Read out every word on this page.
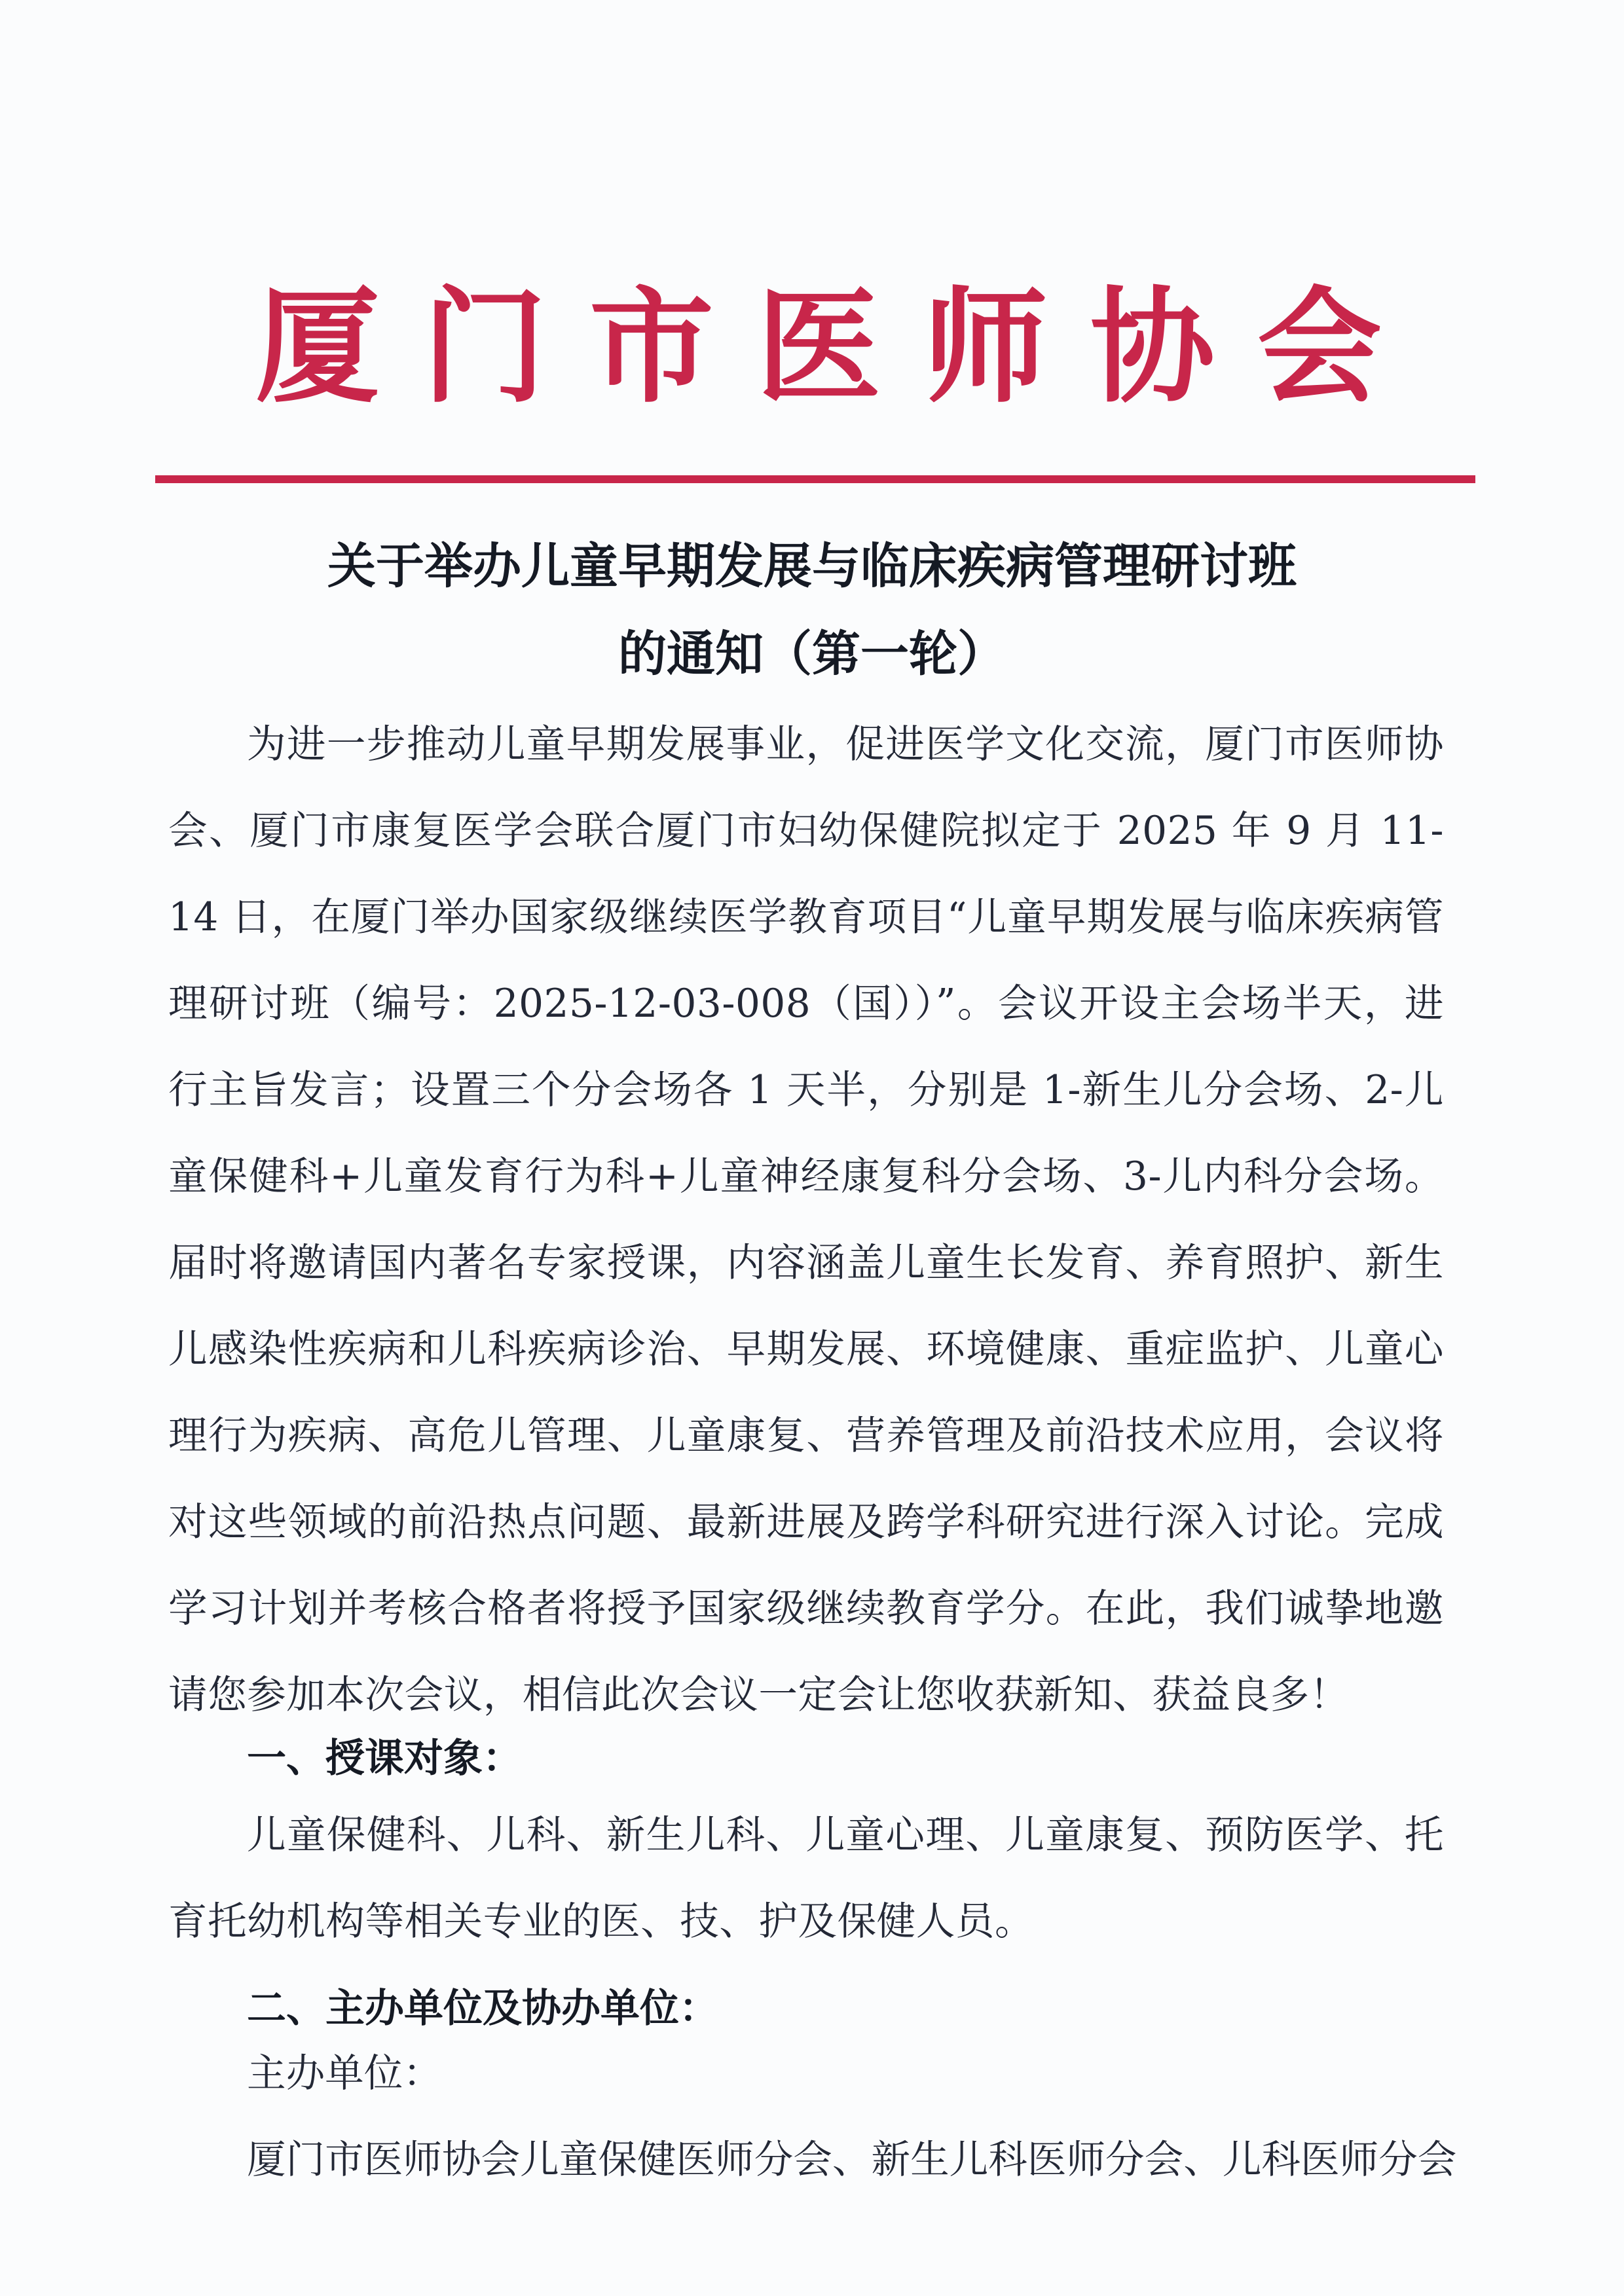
厦 门 市 医 师 协 会
关于举办儿童早期发展与临床疾病管理研讨班
的通知（第一轮）

为进一步推动儿童早期发展事业，促进医学文化交流，厦门市医师协会、厦门市康复医学会联合厦门市妇幼保健院拟定于 2025 年 9 月 11-14 日，在厦门举办国家级继续医学教育项目“儿童早期发展与临床疾病管理研讨班（编号：2025-12-03-008（国））”。会议开设主会场半天，进行主旨发言；设置三个分会场各 1 天半，分别是 1-新生儿分会场、2-儿童保健科+儿童发育行为科+儿童神经康复科分会场、3-儿内科分会场。届时将邀请国内著名专家授课，内容涵盖儿童生长发育、养育照护、新生儿感染性疾病和儿科疾病诊治、早期发展、环境健康、重症监护、儿童心理行为疾病、高危儿管理、儿童康复、营养管理及前沿技术应用，会议将对这些领域的前沿热点问题、最新进展及跨学科研究进行深入讨论。完成学习计划并考核合格者将授予国家级继续教育学分。在此，我们诚挚地邀请您参加本次会议，相信此次会议一定会让您收获新知、获益良多！

一、授课对象：

儿童保健科、儿科、新生儿科、儿童心理、儿童康复、预防医学、托育托幼机构等相关专业的医、技、护及保健人员。

二、主办单位及协办单位：

主办单位：

厦门市医师协会儿童保健医师分会、新生儿科医师分会、儿科医师分会
